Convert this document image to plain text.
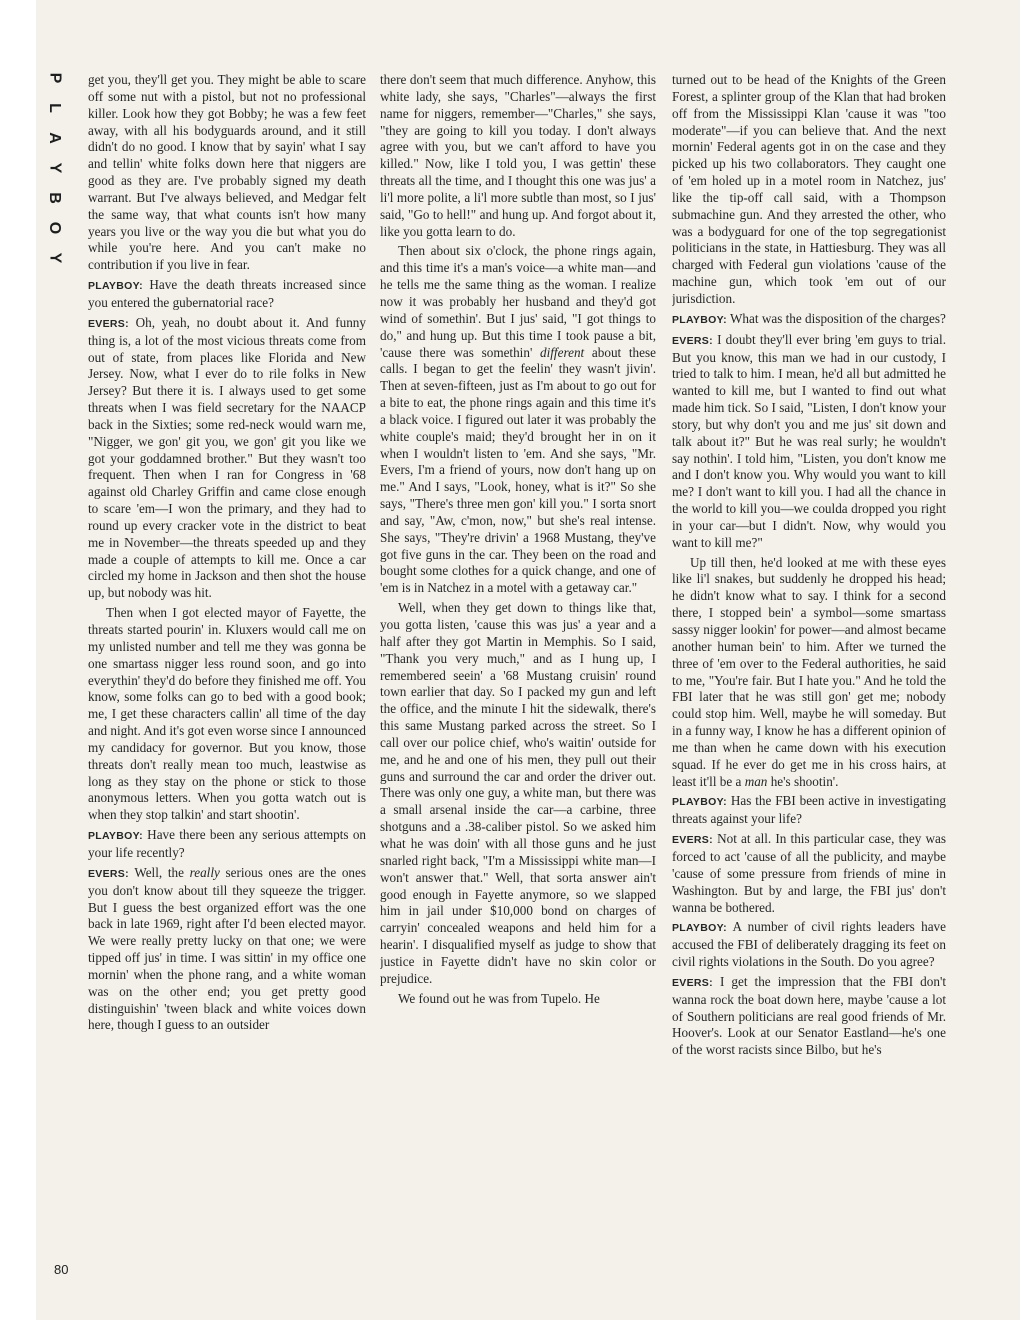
P
L
A
Y
B
O
Y
80

get you, they'll get you. They might be able to scare off some nut with a pistol, but not no professional killer. Look how they got Bobby; he was a few feet away, with all his bodyguards around, and it still didn't do no good. I know that by sayin' what I say and tellin' white folks down here that niggers are good as they are. I've probably signed my death warrant. But I've always believed, and Medgar felt the same way, that what counts isn't how many years you live or the way you die but what you do while you're here. And you can't make no contribution if you live in fear.

PLAYBOY: Have the death threats increased since you entered the gubernatorial race?

EVERS: Oh, yeah, no doubt about it. And funny thing is, a lot of the most vicious threats come from out of state, from places like Florida and New Jersey. Now, what I ever do to rile folks in New Jersey? But there it is. I always used to get some threats when I was field secretary for the NAACP back in the Sixties; some red-neck would warn me, "Nigger, we gon' git you, we gon' git you like we got your goddamned brother." But they wasn't too frequent. Then when I ran for Congress in '68 against old Charley Griffin and came close enough to scare 'em—I won the primary, and they had to round up every cracker vote in the district to beat me in November—the threats speeded up and they made a couple of attempts to kill me. Once a car circled my home in Jackson and then shot the house up, but nobody was hit.

Then when I got elected mayor of Fayette, the threats started pourin' in. Kluxers would call me on my unlisted number and tell me they was gonna be one smartass nigger less round soon, and go into everythin' they'd do before they finished me off. You know, some folks can go to bed with a good book; me, I get these characters callin' all time of the day and night. And it's got even worse since I announced my candidacy for governor. But you know, those threats don't really mean too much, leastwise as long as they stay on the phone or stick to those anonymous letters. When you gotta watch out is when they stop talkin' and start shootin'.

PLAYBOY: Have there been any serious attempts on your life recently?

EVERS: Well, the really serious ones are the ones you don't know about till they squeeze the trigger. But I guess the best organized effort was the one back in late 1969, right after I'd been elected mayor. We were really pretty lucky on that one; we were tipped off jus' in time. I was sittin' in my office one mornin' when the phone rang, and a white woman was on the other end; you get pretty good distinguishin' 'tween black and white voices down here, though I guess to an outsider

there don't seem that much difference. Anyhow, this white lady, she says, "Charles"—always the first name for niggers, remember—"Charles," she says, "they are going to kill you today. I don't always agree with you, but we can't afford to have you killed." Now, like I told you, I was gettin' these threats all the time, and I thought this one was jus' a li'l more polite, a li'l more subtle than most, so I jus' said, "Go to hell!" and hung up. And forgot about it, like you gotta learn to do.

Then about six o'clock, the phone rings again, and this time it's a man's voice—a white man—and he tells me the same thing as the woman. I realize now it was probably her husband and they'd got wind of somethin'. But I jus' said, "I got things to do," and hung up. But this time I took pause a bit, 'cause there was somethin' different about these calls. I began to get the feelin' they wasn't jivin'. Then at seven-fifteen, just as I'm about to go out for a bite to eat, the phone rings again and this time it's a black voice. I figured out later it was probably the white couple's maid; they'd brought her in on it when I wouldn't listen to 'em. And she says, "Mr. Evers, I'm a friend of yours, now don't hang up on me." And I says, "Look, honey, what is it?" So she says, "There's three men gon' kill you." I sorta snort and say, "Aw, c'mon, now," but she's real intense. She says, "They're drivin' a 1968 Mustang, they've got five guns in the car. They been on the road and bought some clothes for a quick change, and one of 'em is in Natchez in a motel with a getaway car."

Well, when they get down to things like that, you gotta listen, 'cause this was jus' a year and a half after they got Martin in Memphis. So I said, "Thank you very much," and as I hung up, I remembered seein' a '68 Mustang cruisin' round town earlier that day. So I packed my gun and left the office, and the minute I hit the sidewalk, there's this same Mustang parked across the street. So I call over our police chief, who's waitin' outside for me, and he and one of his men, they pull out their guns and surround the car and order the driver out. There was only one guy, a white man, but there was a small arsenal inside the car—a carbine, three shotguns and a .38-caliber pistol. So we asked him what he was doin' with all those guns and he just snarled right back, "I'm a Mississippi white man—I won't answer that." Well, that sorta answer ain't good enough in Fayette anymore, so we slapped him in jail under $10,000 bond on charges of carryin' concealed weapons and held him for a hearin'. I disqualified myself as judge to show that justice in Fayette didn't have no skin color or prejudice.

We found out he was from Tupelo. He

turned out to be head of the Knights of the Green Forest, a splinter group of the Klan that had broken off from the Mississippi Klan 'cause it was "too moderate"—if you can believe that. And the next mornin' Federal agents got in on the case and they picked up his two collaborators. They caught one of 'em holed up in a motel room in Natchez, jus' like the tip-off call said, with a Thompson submachine gun. And they arrested the other, who was a bodyguard for one of the top segregationist politicians in the state, in Hattiesburg. They was all charged with Federal gun violations 'cause of the machine gun, which took 'em out of our jurisdiction.

PLAYBOY: What was the disposition of the charges?

EVERS: I doubt they'll ever bring 'em guys to trial. But you know, this man we had in our custody, I tried to talk to him. I mean, he'd all but admitted he wanted to kill me, but I wanted to find out what made him tick. So I said, "Listen, I don't know your story, but why don't you and me jus' sit down and talk about it?" But he was real surly; he wouldn't say nothin'. I told him, "Listen, you don't know me and I don't know you. Why would you want to kill me? I don't want to kill you. I had all the chance in the world to kill you—we coulda dropped you right in your car—but I didn't. Now, why would you want to kill me?"

Up till then, he'd looked at me with these eyes like li'l snakes, but suddenly he dropped his head; he didn't know what to say. I think for a second there, I stopped bein' a symbol—some smartass sassy nigger lookin' for power—and almost became another human bein' to him. After we turned the three of 'em over to the Federal authorities, he said to me, "You're fair. But I hate you." And he told the FBI later that he was still gon' get me; nobody could stop him. Well, maybe he will someday. But in a funny way, I know he has a different opinion of me than when he came down with his execution squad. If he ever do get me in his cross hairs, at least it'll be a man he's shootin'.

PLAYBOY: Has the FBI been active in investigating threats against your life?

EVERS: Not at all. In this particular case, they was forced to act 'cause of all the publicity, and maybe 'cause of some pressure from friends of mine in Washington. But by and large, the FBI jus' don't wanna be bothered.

PLAYBOY: A number of civil rights leaders have accused the FBI of deliberately dragging its feet on civil rights violations in the South. Do you agree?

EVERS: I get the impression that the FBI don't wanna rock the boat down here, maybe 'cause a lot of Southern politicians are real good friends of Mr. Hoover's. Look at our Senator Eastland—he's one of the worst racists since Bilbo, but he's
